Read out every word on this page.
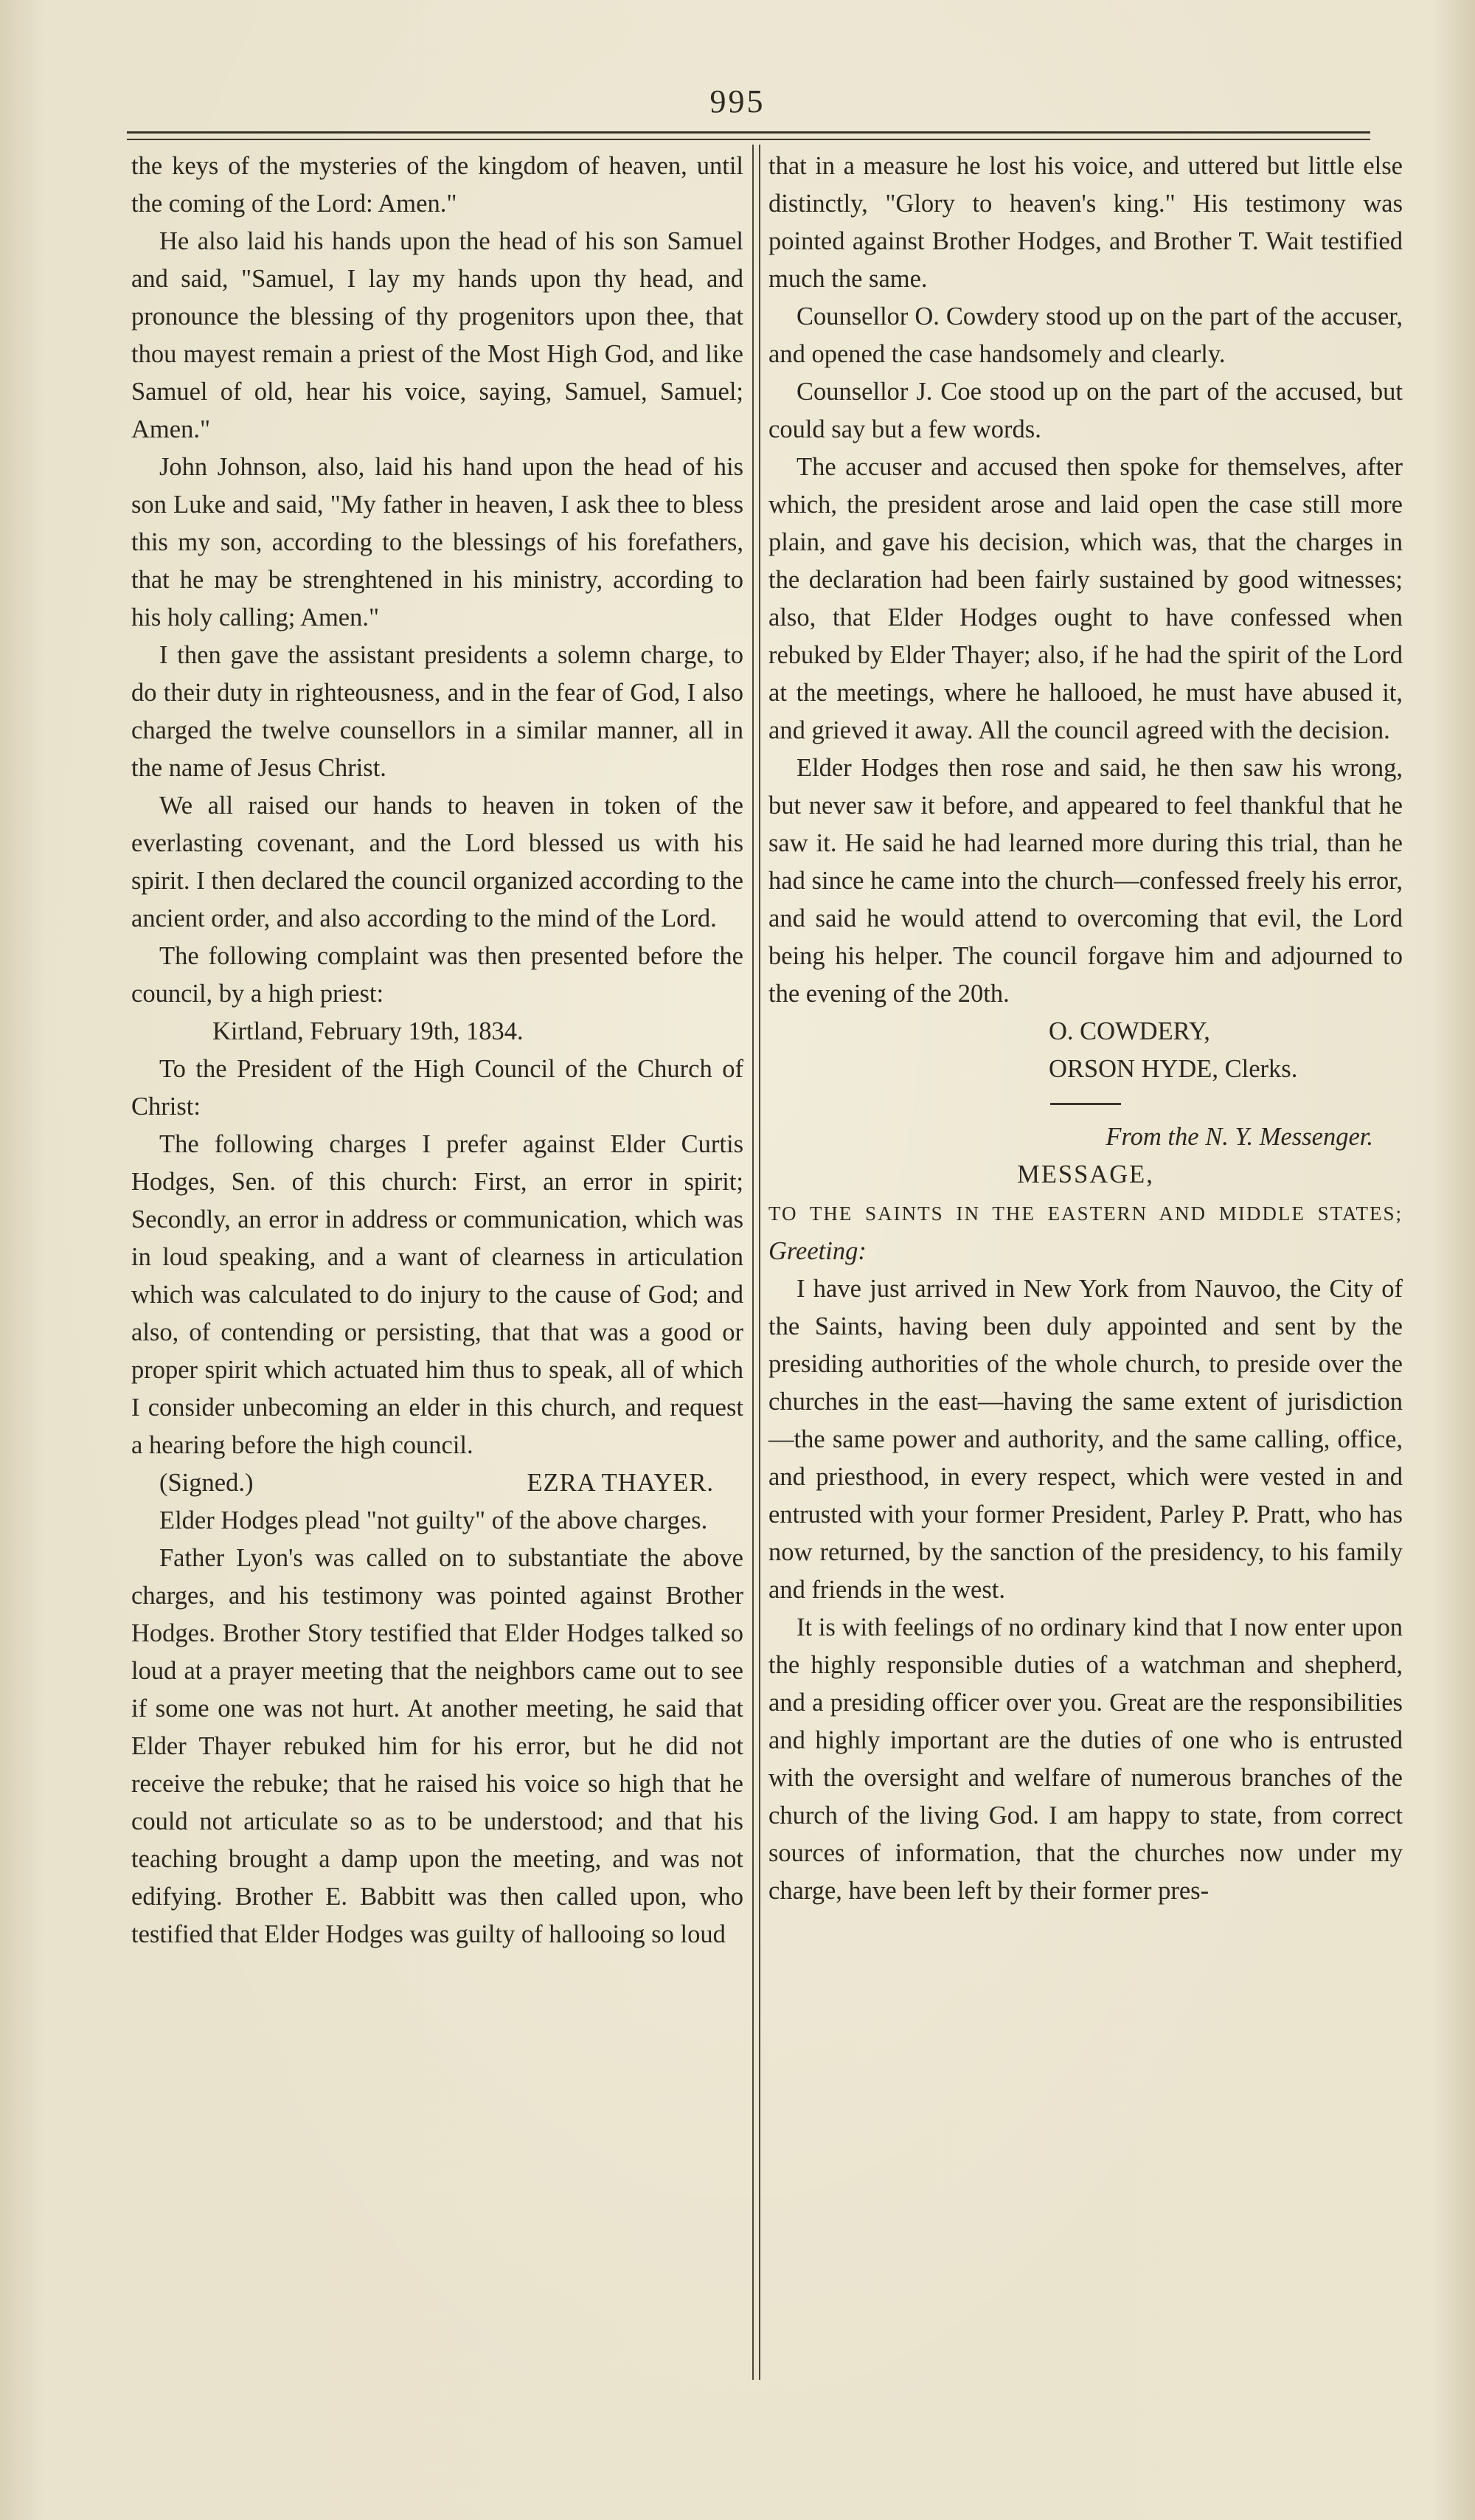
995

the keys of the mysteries of the kingdom of heaven, until the coming of the Lord: Amen."

He also laid his hands upon the head of his son Samuel and said, "Samuel, I lay my hands upon thy head, and pronounce the blessing of thy progenitors upon thee, that thou mayest remain a priest of the Most High God, and like Samuel of old, hear his voice, saying, Samuel, Samuel; Amen."

John Johnson, also, laid his hand upon the head of his son Luke and said, "My father in heaven, I ask thee to bless this my son, according to the blessings of his forefathers, that he may be strenghtened in his ministry, according to his holy calling; Amen."

I then gave the assistant presidents a solemn charge, to do their duty in righteousness, and in the fear of God, I also charged the twelve counsellors in a similar manner, all in the name of Jesus Christ.

We all raised our hands to heaven in token of the everlasting covenant, and the Lord blessed us with his spirit. I then declared the council organized according to the ancient order, and also according to the mind of the Lord.

The following complaint was then presented before the council, by a high priest:

Kirtland, February 19th, 1834.

To the President of the High Council of the Church of Christ:

The following charges I prefer against Elder Curtis Hodges, Sen. of this church: First, an error in spirit; Secondly, an error in address or communication, which was in loud speaking, and a want of clearness in articulation which was calculated to do injury to the cause of God; and also, of contending or persisting, that that was a good or proper spirit which actuated him thus to speak, all of which I consider unbecoming an elder in this church, and request a hearing before the high council.

(Signed.)	EZRA THAYER.

Elder Hodges plead "not guilty" of the above charges.

Father Lyon's was called on to substantiate the above charges, and his testimony was pointed against Brother Hodges. Brother Story testified that Elder Hodges talked so loud at a prayer meeting that the neighbors came out to see if some one was not hurt. At another meeting, he said that Elder Thayer rebuked him for his error, but he did not receive the rebuke; that he raised his voice so high that he could not articulate so as to be understood; and that his teaching brought a damp upon the meeting, and was not edifying. Brother E. Babbitt was then called upon, who testified that Elder Hodges was guilty of hallooing so loud

that in a measure he lost his voice, and uttered but little else distinctly, "Glory to heaven's king." His testimony was pointed against Brother Hodges, and Brother T. Wait testified much the same.

Counsellor O. Cowdery stood up on the part of the accuser, and opened the case handsomely and clearly.

Counsellor J. Coe stood up on the part of the accused, but could say but a few words.

The accuser and accused then spoke for themselves, after which, the president arose and laid open the case still more plain, and gave his decision, which was, that the charges in the declaration had been fairly sustained by good witnesses; also, that Elder Hodges ought to have confessed when rebuked by Elder Thayer; also, if he had the spirit of the Lord at the meetings, where he hallooed, he must have abused it, and grieved it away. All the council agreed with the decision.

Elder Hodges then rose and said, he then saw his wrong, but never saw it before, and appeared to feel thankful that he saw it. He said he had learned more during this trial, than he had since he came into the church—confessed freely his error, and said he would attend to overcoming that evil, the Lord being his helper. The council forgave him and adjourned to the evening of the 20th.

O. COWDERY,
ORSON HYDE, Clerks.

From the N. Y. Messenger.

MESSAGE,

TO THE SAINTS IN THE EASTERN AND MIDDLE STATES; Greeting:

I have just arrived in New York from Nauvoo, the City of the Saints, having been duly appointed and sent by the presiding authorities of the whole church, to preside over the churches in the east—having the same extent of jurisdiction—the same power and authority, and the same calling, office, and priesthood, in every respect, which were vested in and entrusted with your former President, Parley P. Pratt, who has now returned, by the sanction of the presidency, to his family and friends in the west.

It is with feelings of no ordinary kind that I now enter upon the highly responsible duties of a watchman and shepherd, and a presiding officer over you. Great are the responsibilities and highly important are the duties of one who is entrusted with the oversight and welfare of numerous branches of the church of the living God. I am happy to state, from correct sources of information, that the churches now under my charge, have been left by their former pres-
